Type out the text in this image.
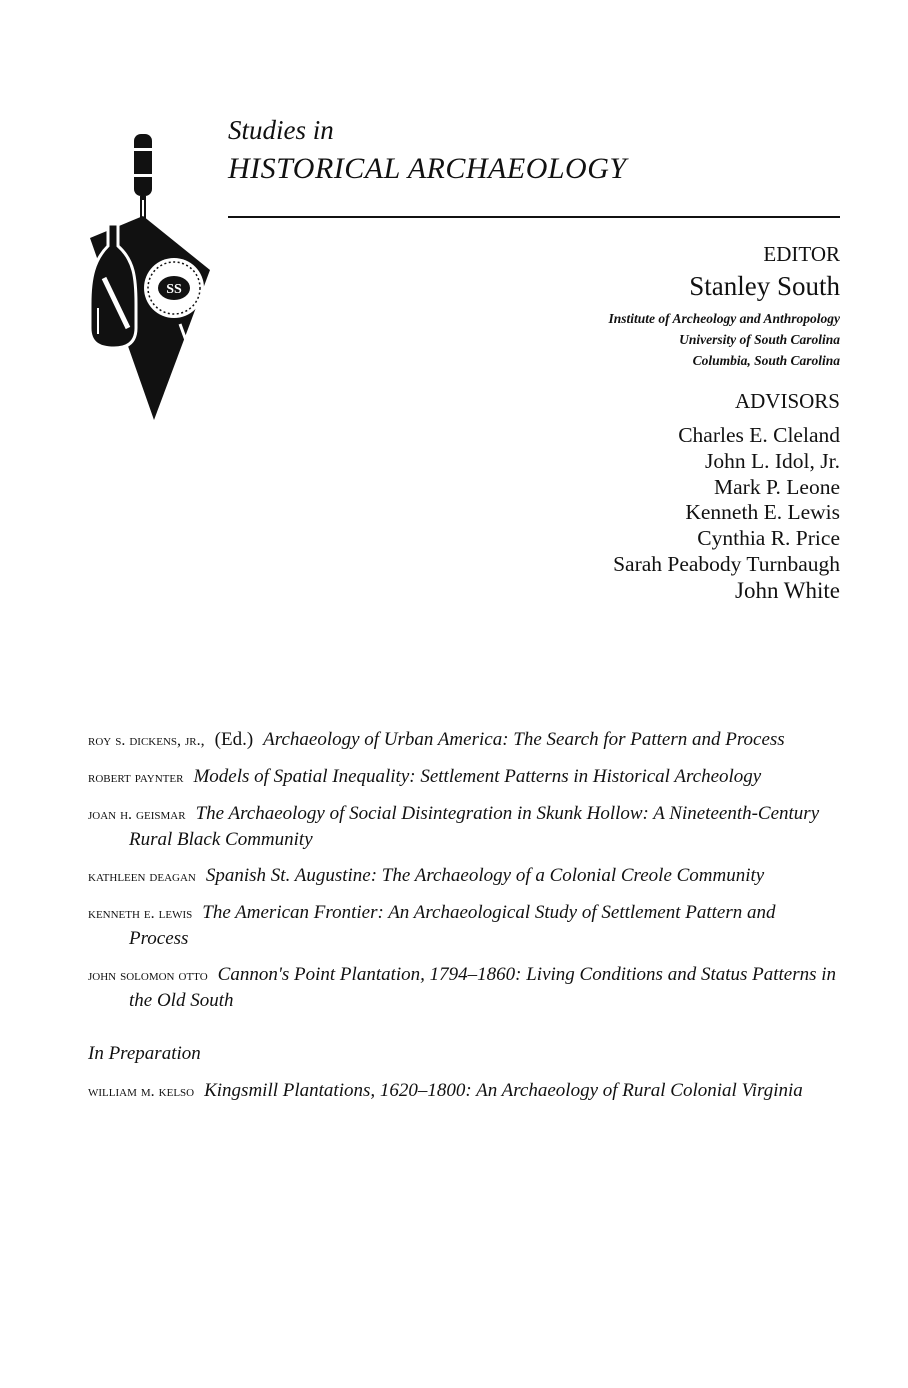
SS
Studies in
HISTORICAL ARCHAEOLOGY
EDITOR
Stanley South
Institute of Archeology and Anthropology
University of South Carolina
Columbia, South Carolina
ADVISORS
Charles E. Cleland
John L. Idol, Jr.
Mark P. Leone
Kenneth E. Lewis
Cynthia R. Price
Sarah Peabody Turnbaugh
John White
roy s. dickens, jr., (Ed.) Archaeology of Urban America: The Search for Pattern and Process
robert paynter Models of Spatial Inequality: Settlement Patterns in Historical Archeology
joan h. geismar The Archaeology of Social Disintegration in Skunk Hollow: A Nineteenth-Century Rural Black Community
kathleen deagan Spanish St. Augustine: The Archaeology of a Colonial Creole Community
kenneth e. lewis The American Frontier: An Archaeological Study of Settlement Pattern and Process
john solomon otto Cannon's Point Plantation, 1794–1860: Living Conditions and Status Patterns in the Old South
In Preparation
william m. kelso Kingsmill Plantations, 1620–1800: An Archaeology of Rural Colonial Virginia
